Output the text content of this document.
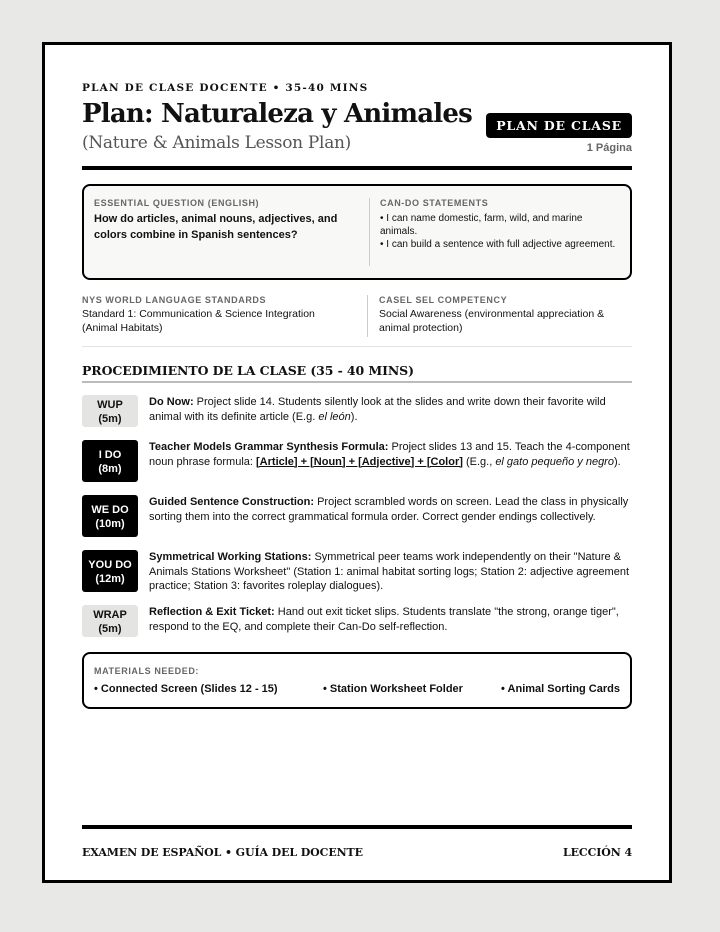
PLAN DE CLASE DOCENTE • 35-40 MINS
Plan: Naturaleza y Animales
(Nature & Animals Lesson Plan)
PLAN DE CLASE
1 Página
ESSENTIAL QUESTION (ENGLISH)
How do articles, animal nouns, adjectives, and colors combine in Spanish sentences?
CAN-DO STATEMENTS
• I can name domestic, farm, wild, and marine animals.
• I can build a sentence with full adjective agreement.
NYS WORLD LANGUAGE STANDARDS
Standard 1: Communication & Science Integration (Animal Habitats)
CASEL SEL COMPETENCY
Social Awareness (environmental appreciation & animal protection)
PROCEDIMIENTO DE LA CLASE (35 - 40 MINS)
WUP
(5m)
Do Now: Project slide 14. Students silently look at the slides and write down their favorite wild animal with its definite article (E.g. el león).
I DO
(8m)
Teacher Models Grammar Synthesis Formula: Project slides 13 and 15. Teach the 4-component noun phrase formula: [Article] + [Noun] + [Adjective] + [Color] (E.g., el gato pequeño y negro).
WE DO
(10m)
Guided Sentence Construction: Project scrambled words on screen. Lead the class in physically sorting them into the correct grammatical formula order. Correct gender endings collectively.
YOU DO
(12m)
Symmetrical Working Stations: Symmetrical peer teams work independently on their "Nature & Animals Stations Worksheet" (Station 1: animal habitat sorting logs; Station 2: adjective agreement practice; Station 3: favorites roleplay dialogues).
WRAP
(5m)
Reflection & Exit Ticket: Hand out exit ticket slips. Students translate "the strong, orange tiger", respond to the EQ, and complete their Can-Do self-reflection.
MATERIALS NEEDED:
• Connected Screen (Slides 12 - 15)	• Station Worksheet Folder	• Animal Sorting Cards
EXAMEN DE ESPAÑOL • GUÍA DEL DOCENTE	LECCIÓN 4
